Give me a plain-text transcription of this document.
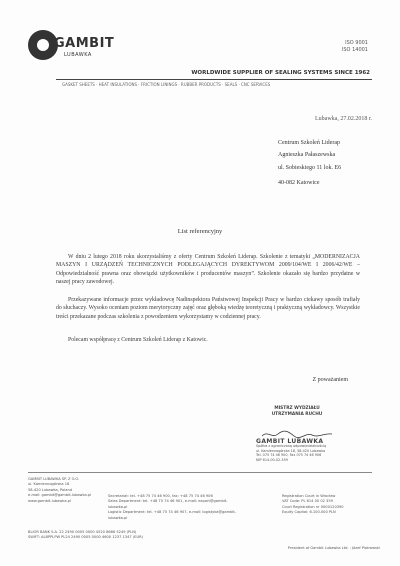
GAMBIT
LUBAWKA
ISO 9001
ISO 14001
WORLDWIDE SUPPLIER OF SEALING SYSTEMS SINCE 1962
GASKET SHEETS · HEAT INSULATIONS · FRICTION LININGS · RUBBER PRODUCTS · SEALS · CNC SERVICES
Lubawka, 27.02.2018 r.
Centrum Szkoleń Liderap
Agnieszka Pałaszewska
ul. Sobieskiego 11 lok. E6
40-082 Katowice
List referencyjny
W dniu 2 lutego 2018 roku skorzystaliśmy z oferty Centrum Szkoleń Liderap. Szkolenie z tematyki „MODERNIZACJA MASZYN I URZĄDZEŃ TECHNICZNYCH PODLEGAJĄCYCH DYREKTYWOM 2009/104/WE I 2006/42/WE – Odpowiedzialność prawna oraz obowiązki użytkowników i producentów maszyn”. Szkolenie okazało się bardzo przydatne w naszej pracy zawodowej.
Przekazywane informacje przez wykładowcę Nadinspektora Państwowej Inspekcji Pracy w bardzo ciekawy sposób trafiały do słuchaczy. Wysoko oceniam poziom merytoryczny zajęć oraz głęboką wiedzę teoretyczną i praktyczną wykładowcy. Wszystkie treści przekazane podczas szkolenia z powodzeniem wykorzystamy w codziennej pracy.
Polecam współpracę z Centrum Szkoleń Liderap z Katowic.
Z poważaniem
MISTRZ WYDZIAŁU
UTRZYMANIA RUCHU
GAMBIT LUBAWKA
Spółka z ograniczoną odpowiedzialnością
ul. Kamiennogórska 18, 58-420 Lubawka
Tel. 075 74 46 900, Fax 075 74 46 906
NIP 614-00-02-359
GAMBIT LUBAWKA SP. Z O.O.
ul. Kamiennogórska 18
58-420 Lubawka, Poland
e-mail: gambit@gambit-lubawka.pl
www.gambit-lubawka.pl
Secretariat: tel. +48 75 74 46 900, fax: +48 75 74 46 906
Sales Department: tel. +48 75 74 46 901, e-mail: export@gambit-lubawka.pl
Logistic Department: tel. +48 75 74 46 907, e-mail: logistyka@gambit-lubawka.pl
Registration Court in Wrocław
VAT Code: PL 614 00 02 359
Court Registration nr 0000120390
Equity Capital: 6.100.000 PLN
BLIOR BANK S.A. 22 2490 0005 0000 4520 8666 5249 (PLN)
SWIFT: ALBPPLPW PL24 2490 0005 0000 4600 1237 1347 (EUR)
President of Gambit Lubawka Ltd. : Józef Piotrowski
